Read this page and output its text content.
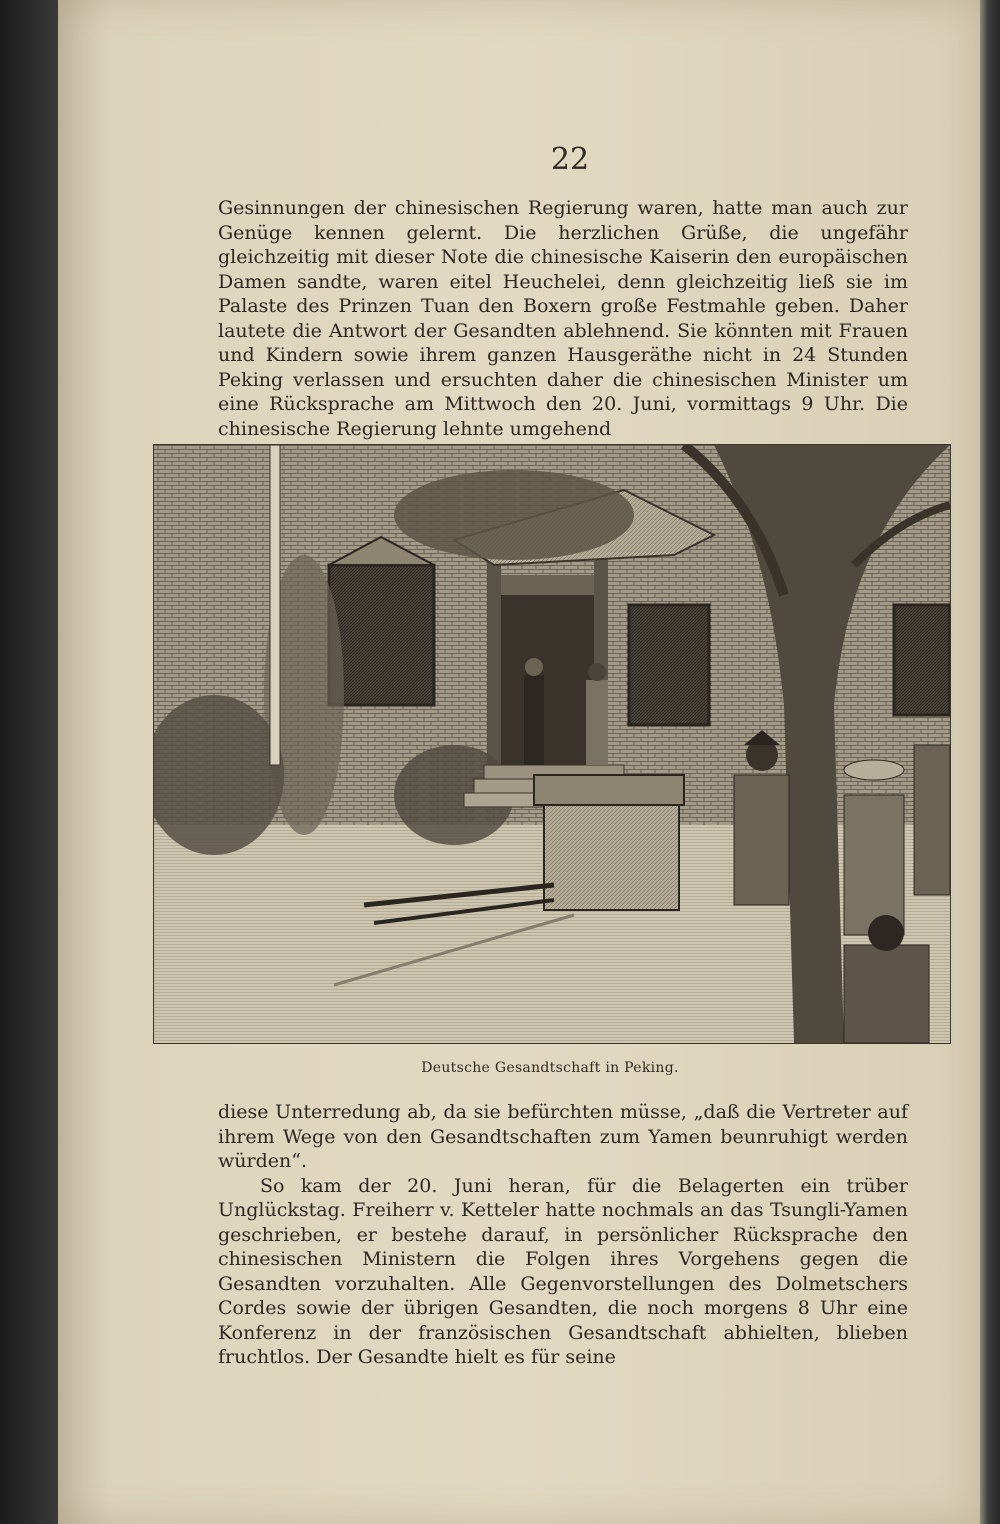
22

Gesinnungen der chinesischen Regierung waren, hatte man auch zur Genüge kennen gelernt. Die herzlichen Grüße, die ungefähr gleichzeitig mit dieser Note die chinesische Kaiserin den europäischen Damen sandte, waren eitel Heuchelei, denn gleichzeitig ließ sie im Palaste des Prinzen Tuan den Boxern große Festmahle geben. Daher lautete die Antwort der Gesandten ablehnend. Sie könnten mit Frauen und Kindern sowie ihrem ganzen Hausgeräthe nicht in 24 Stunden Peking verlassen und ersuchten daher die chinesischen Minister um eine Rücksprache am Mittwoch den 20. Juni, vormittags 9 Uhr. Die chinesische Regierung lehnte umgehend

Deutsche Gesandtschaft in Peking.

diese Unterredung ab, da sie befürchten müsse, „daß die Vertreter auf ihrem Wege von den Gesandtschaften zum Yamen beunruhigt werden würden“.

So kam der 20. Juni heran, für die Belagerten ein trüber Unglückstag. Freiherr v. Ketteler hatte nochmals an das Tsungli-Yamen geschrieben, er bestehe darauf, in persönlicher Rücksprache den chinesischen Ministern die Folgen ihres Vorgehens gegen die Gesandten vorzuhalten. Alle Gegenvorstellungen des Dolmetschers Cordes sowie der übrigen Gesandten, die noch morgens 8 Uhr eine Konferenz in der französischen Gesandtschaft abhielten, blieben fruchtlos. Der Gesandte hielt es für seine
